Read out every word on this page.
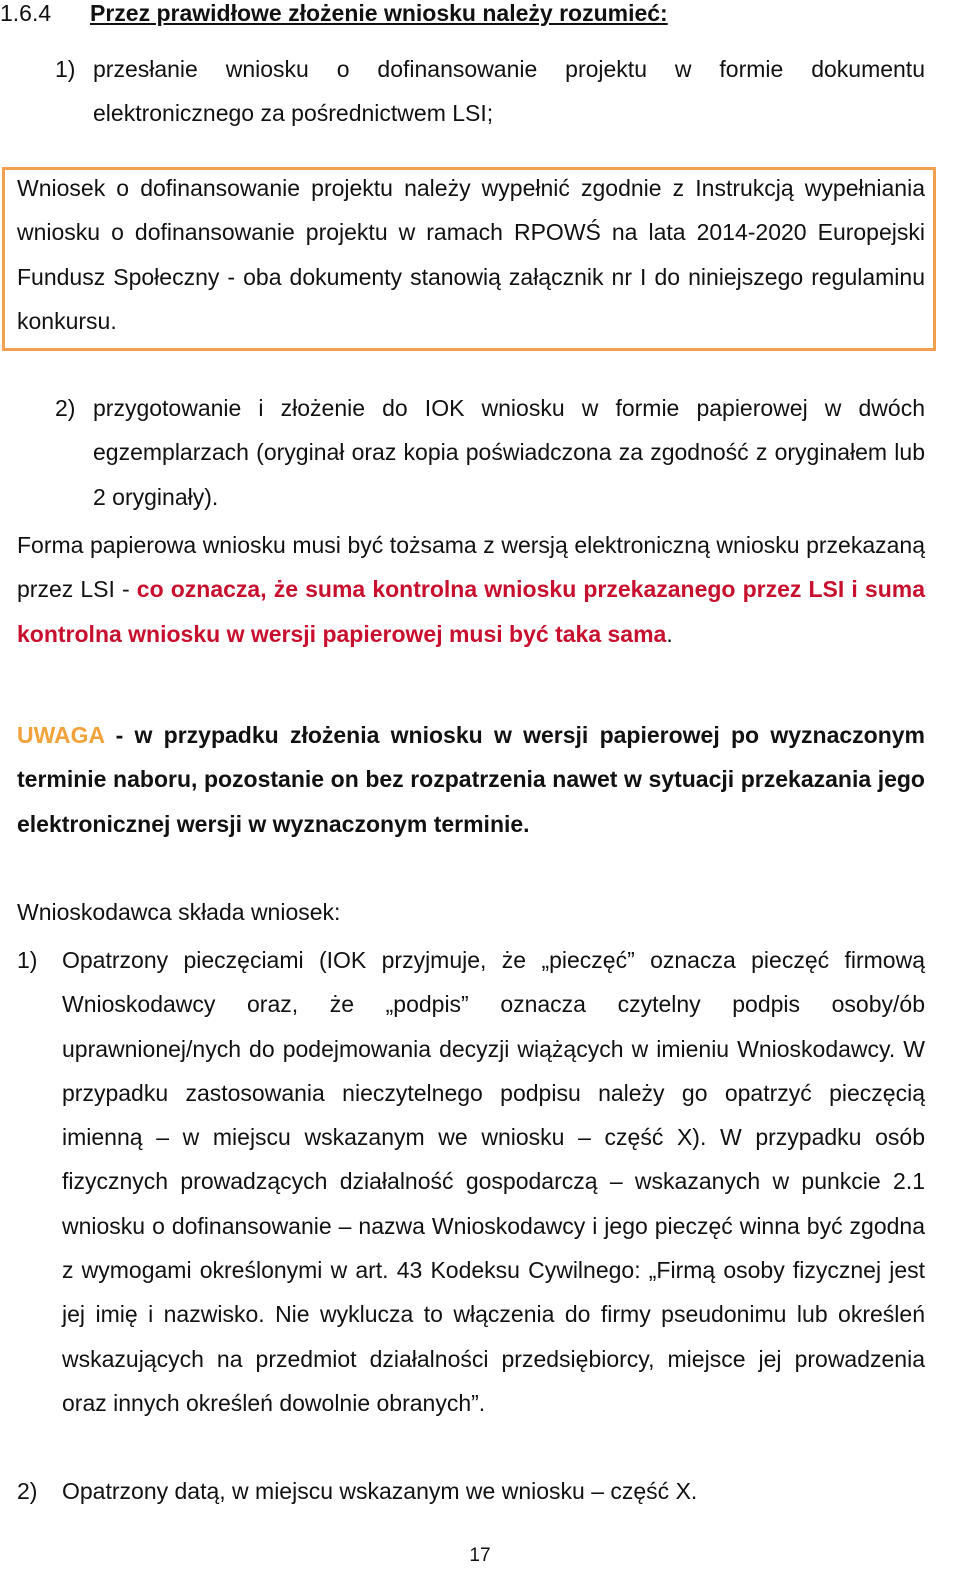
1.6.4 Przez prawidłowe złożenie wniosku należy rozumieć:
1) przesłanie wniosku o dofinansowanie projektu w formie dokumentu elektronicznego za pośrednictwem LSI;
Wniosek o dofinansowanie projektu należy wypełnić zgodnie z Instrukcją wypełniania wniosku o dofinansowanie projektu w ramach RPOWŚ na lata 2014-2020 Europejski Fundusz Społeczny - oba dokumenty stanowią załącznik nr I do niniejszego regulaminu konkursu.
2) przygotowanie i złożenie do IOK wniosku w formie papierowej w dwóch egzemplarzach (oryginał oraz kopia poświadczona za zgodność z oryginałem lub 2 oryginały).
Forma papierowa wniosku musi być tożsama z wersją elektroniczną wniosku przekazaną przez LSI - co oznacza, że suma kontrolna wniosku przekazanego przez LSI i suma kontrolna wniosku w wersji papierowej musi być taka sama.
UWAGA - w przypadku złożenia wniosku w wersji papierowej po wyznaczonym terminie naboru, pozostanie on bez rozpatrzenia nawet w sytuacji przekazania jego elektronicznej wersji w wyznaczonym terminie.
Wnioskodawca składa wniosek:
1) Opatrzony pieczęciami (IOK przyjmuje, że „pieczęć” oznacza pieczęć firmową Wnioskodawcy oraz, że „podpis” oznacza czytelny podpis osoby/ób uprawnionej/nych do podejmowania decyzji wiążących w imieniu Wnioskodawcy. W przypadku zastosowania nieczytelnego podpisu należy go opatrzyć pieczęcią imienną – w miejscu wskazanym we wniosku – część X). W przypadku osób fizycznych prowadzących działalność gospodarczą – wskazanych w punkcie 2.1 wniosku o dofinansowanie – nazwa Wnioskodawcy i jego pieczęć winna być zgodna z wymogami określonymi w art. 43 Kodeksu Cywilnego: „Firmą osoby fizycznej jest jej imię i nazwisko. Nie wyklucza to włączenia do firmy pseudonimu lub określeń wskazujących na przedmiot działalności przedsiębiorcy, miejsce jej prowadzenia oraz innych określeń dowolnie obranych”.
2) Opatrzony datą, w miejscu wskazanym we wniosku – część X.
17
